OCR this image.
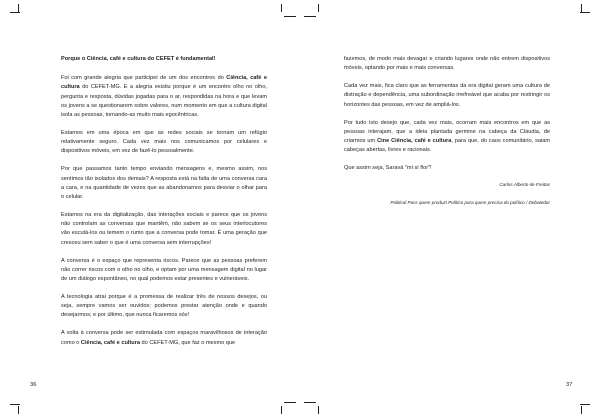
Porque o Ciência, café e cultura do CEFET é fundamental!

Foi com grande alegria que participei de um dos encontros do Ciência, café e cultura do CEFET-MG. E a alegria existiu porque é um encontro olho no olho, pergunta e resposta, dúvidas jogadas para o ar, respondidas na hora e que levam os jovens a se questionarem sobre valores, num momento em que a cultura digital isola as pessoas, tornando-as muito mais egocêntricas.

Estamos em uma época em que as redes sociais se tornam um refúgio relativamente seguro. Cada vez mais nos comunicamos por celulares e dispositivos móveis, em vez de fazê-lo pessoalmente.

Por que passamos tanto tempo enviando mensagens e, mesmo assim, nos sentimos tão isolados dos demais? A resposta está na falta de uma conversa cara a cara, e na quantidade de vezes que as abandonamos para desviar o olhar para o celular.

Estamos na era da digitalização, das interações sociais e parece que os jovens não controlam as conversas que mantêm, não sabem se os seus interlocutores vão escutá-los ou temem o rumo que a conversa pode tomar. É uma geração que cresceu sem saber o que é uma conversa sem interrupções!

A conversa é o espaço que representa riscos. Parece que as pessoas preferem não correr riscos com o olho no olho, e optam por uma mensagem digital no lugar de um diálogo espontâneo, no qual podemos estar presentes e vulneráveis.

A tecnologia atrai porque é a promessa de realizar três de nossos desejos, ou seja, sempre vamos ser ouvidos; podemos prestar atenção onde e quando desejarmos; e por último, que nunca ficaremos sós!

A volta à conversa pode ser estimulada com espaços maravilhosos de interação como o Ciência, café e cultura do CEFET-MG, que faz o mesmo que

36

fazemos, de modo mais devagar e criando lugares onde não entrem dispositivos móveis, optando por mais e mais conversas.

Cada vez mais, fica claro que as ferramentas da era digital geram uma cultura de distração e dependência, uma subordinação irrefreável que acaba por restringir os horizontes das pessoas, em vez de ampliá-los.

Por tudo isto desejo que, cada vez mais, ocorram mais encontros em que as pessoas interajam, que a ideia plantada germine na cabeça da Cláudia, de criarmos um Cine Ciência, café e cultura, para que, do caos comunitário, saiam cabeças abertas, livres e racionais.

Que assim seja, Saravá "mi sí flor"!

Carlos Alberto de Freitas

Political Pass quem produzi Político para quem precisa do político / Debatedor

37
